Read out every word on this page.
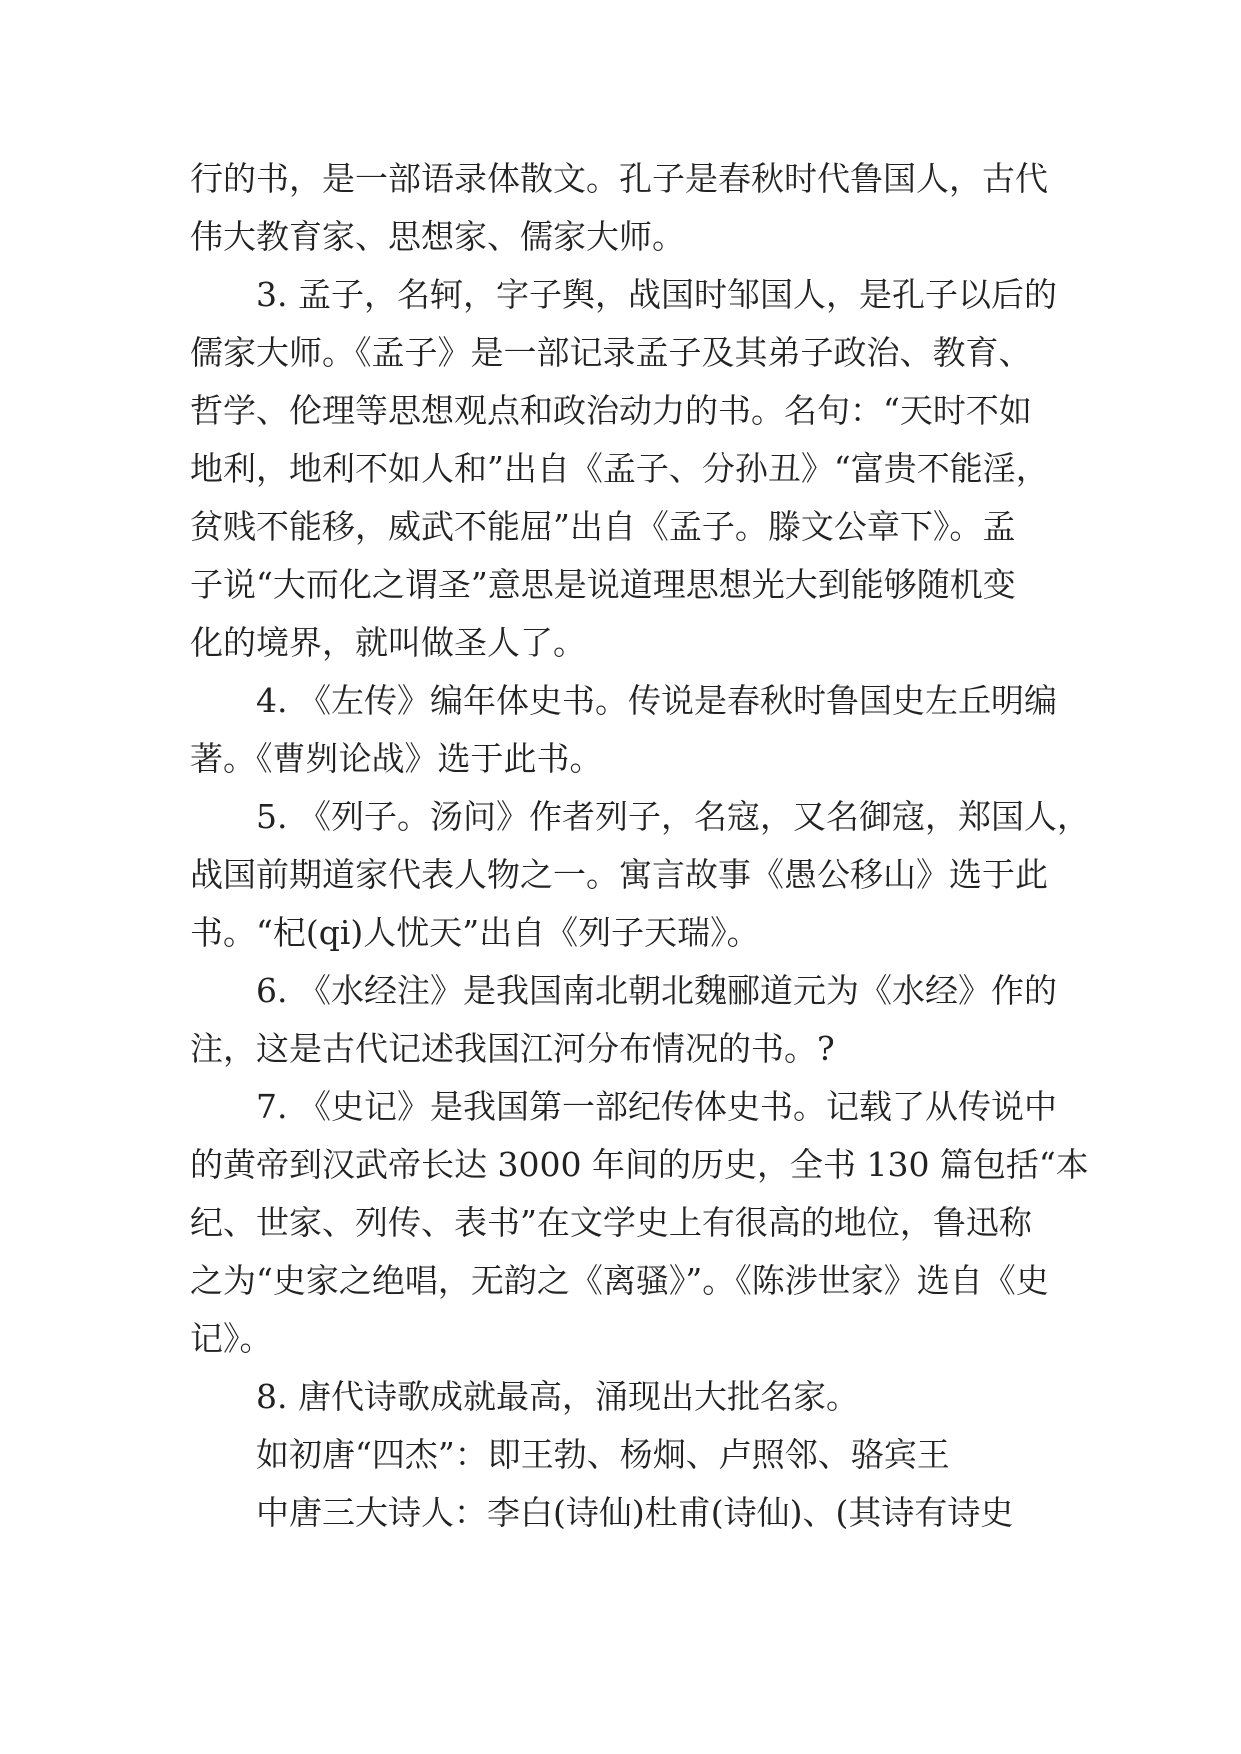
行的书，是一部语录体散文。孔子是春秋时代鲁国人，古代
伟大教育家、思想家、儒家大师。
3. 孟子，名轲，字子舆，战国时邹国人，是孔子以后的
儒家大师。《孟子》是一部记录孟子及其弟子政治、教育、
哲学、伦理等思想观点和政治动力的书。名句：“天时不如
地利，地利不如人和”出自《孟子、分孙丑》“富贵不能淫，
贫贱不能移，威武不能屈”出自《孟子。滕文公章下》。孟
子说“大而化之谓圣”意思是说道理思想光大到能够随机变
化的境界，就叫做圣人了。
4. 《左传》编年体史书。传说是春秋时鲁国史左丘明编
著。《曹刿论战》选于此书。
5. 《列子。汤问》作者列子，名寇，又名御寇，郑国人，
战国前期道家代表人物之一。寓言故事《愚公移山》选于此
书。“杞(qi)人忧天”出自《列子天瑞》。
6. 《水经注》是我国南北朝北魏郦道元为《水经》作的
注，这是古代记述我国江河分布情况的书。?
7. 《史记》是我国第一部纪传体史书。记载了从传说中
的黄帝到汉武帝长达 3000 年间的历史，全书 130 篇包括“本
纪、世家、列传、表书”在文学史上有很高的地位，鲁迅称
之为“史家之绝唱，无韵之《离骚》”。《陈涉世家》选自《史
记》。
8. 唐代诗歌成就最高，涌现出大批名家。
如初唐“四杰”：即王勃、杨炯、卢照邻、骆宾王
中唐三大诗人：李白(诗仙)杜甫(诗仙)、(其诗有诗史
